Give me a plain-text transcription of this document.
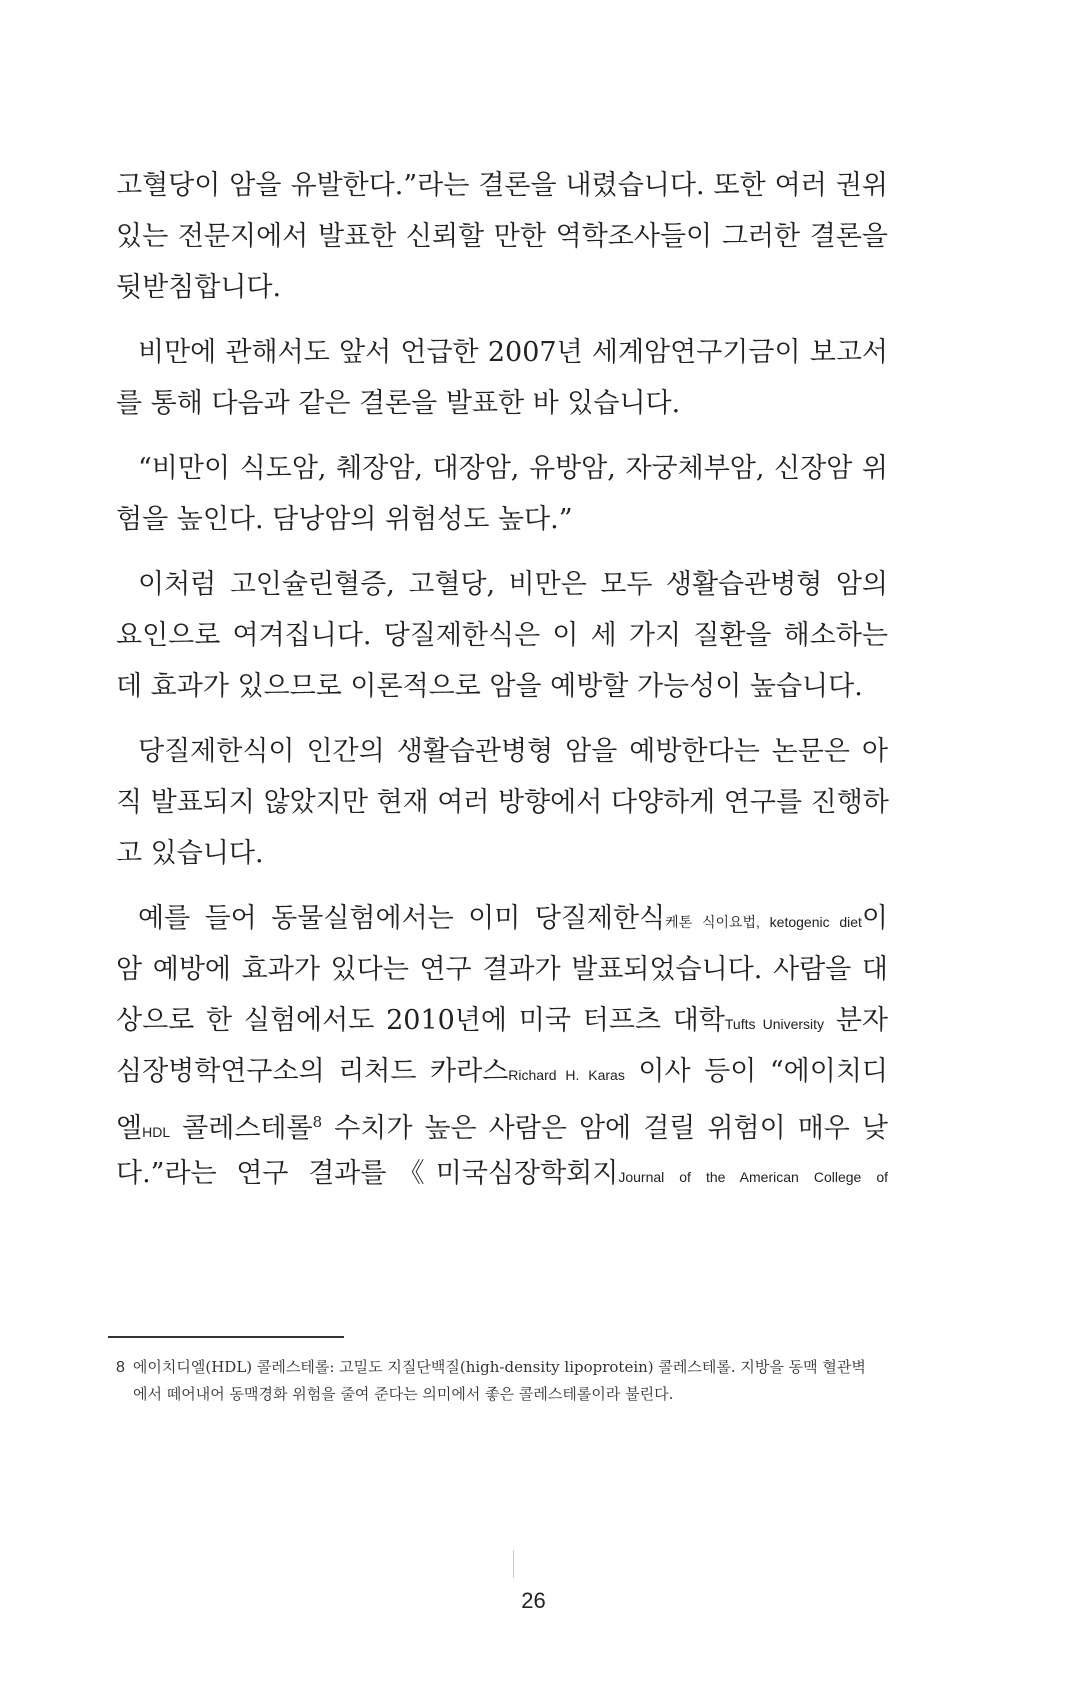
고혈당이 암을 유발한다.”라는 결론을 내렸습니다. 또한 여러 권위
있는 전문지에서 발표한 신뢰할 만한 역학조사들이 그러한 결론을
뒷받침합니다.
비만에 관해서도 앞서 언급한 2007년 세계암연구기금이 보고서
를 통해 다음과 같은 결론을 발표한 바 있습니다.
“비만이 식도암, 췌장암, 대장암, 유방암, 자궁체부암, 신장암 위
험을 높인다. 담낭암의 위험성도 높다.”
이처럼 고인슐린혈증, 고혈당, 비만은 모두 생활습관병형 암의
요인으로 여겨집니다. 당질제한식은 이 세 가지 질환을 해소하는
데 효과가 있으므로 이론적으로 암을 예방할 가능성이 높습니다.
당질제한식이 인간의 생활습관병형 암을 예방한다는 논문은 아
직 발표되지 않았지만 현재 여러 방향에서 다양하게 연구를 진행하
고 있습니다.
예를 들어 동물실험에서는 이미 당질제한식케톤 식이요법, ketogenic diet이
암 예방에 효과가 있다는 연구 결과가 발표되었습니다. 사람을 대
상으로 한 실험에서도 2010년에 미국 터프츠 대학Tufts University 분자
심장병학연구소의 리처드 카라스Richard H. Karas 이사 등이 “에이치디
엘HDL 콜레스테롤$^8$ 수치가 높은 사람은 암에 걸릴 위험이 매우 낮
다.”라는 연구 결과를《미국심장학회지Journal of the American College of
8 에이치디엘(HDL) 콜레스테롤: 고밀도 지질단백질(high-density lipoprotein) 콜레스테롤. 지방을 동맥 혈관벽
에서 떼어내어 동맥경화 위험을 줄여 준다는 의미에서 좋은 콜레스테롤이라 불린다.
26
